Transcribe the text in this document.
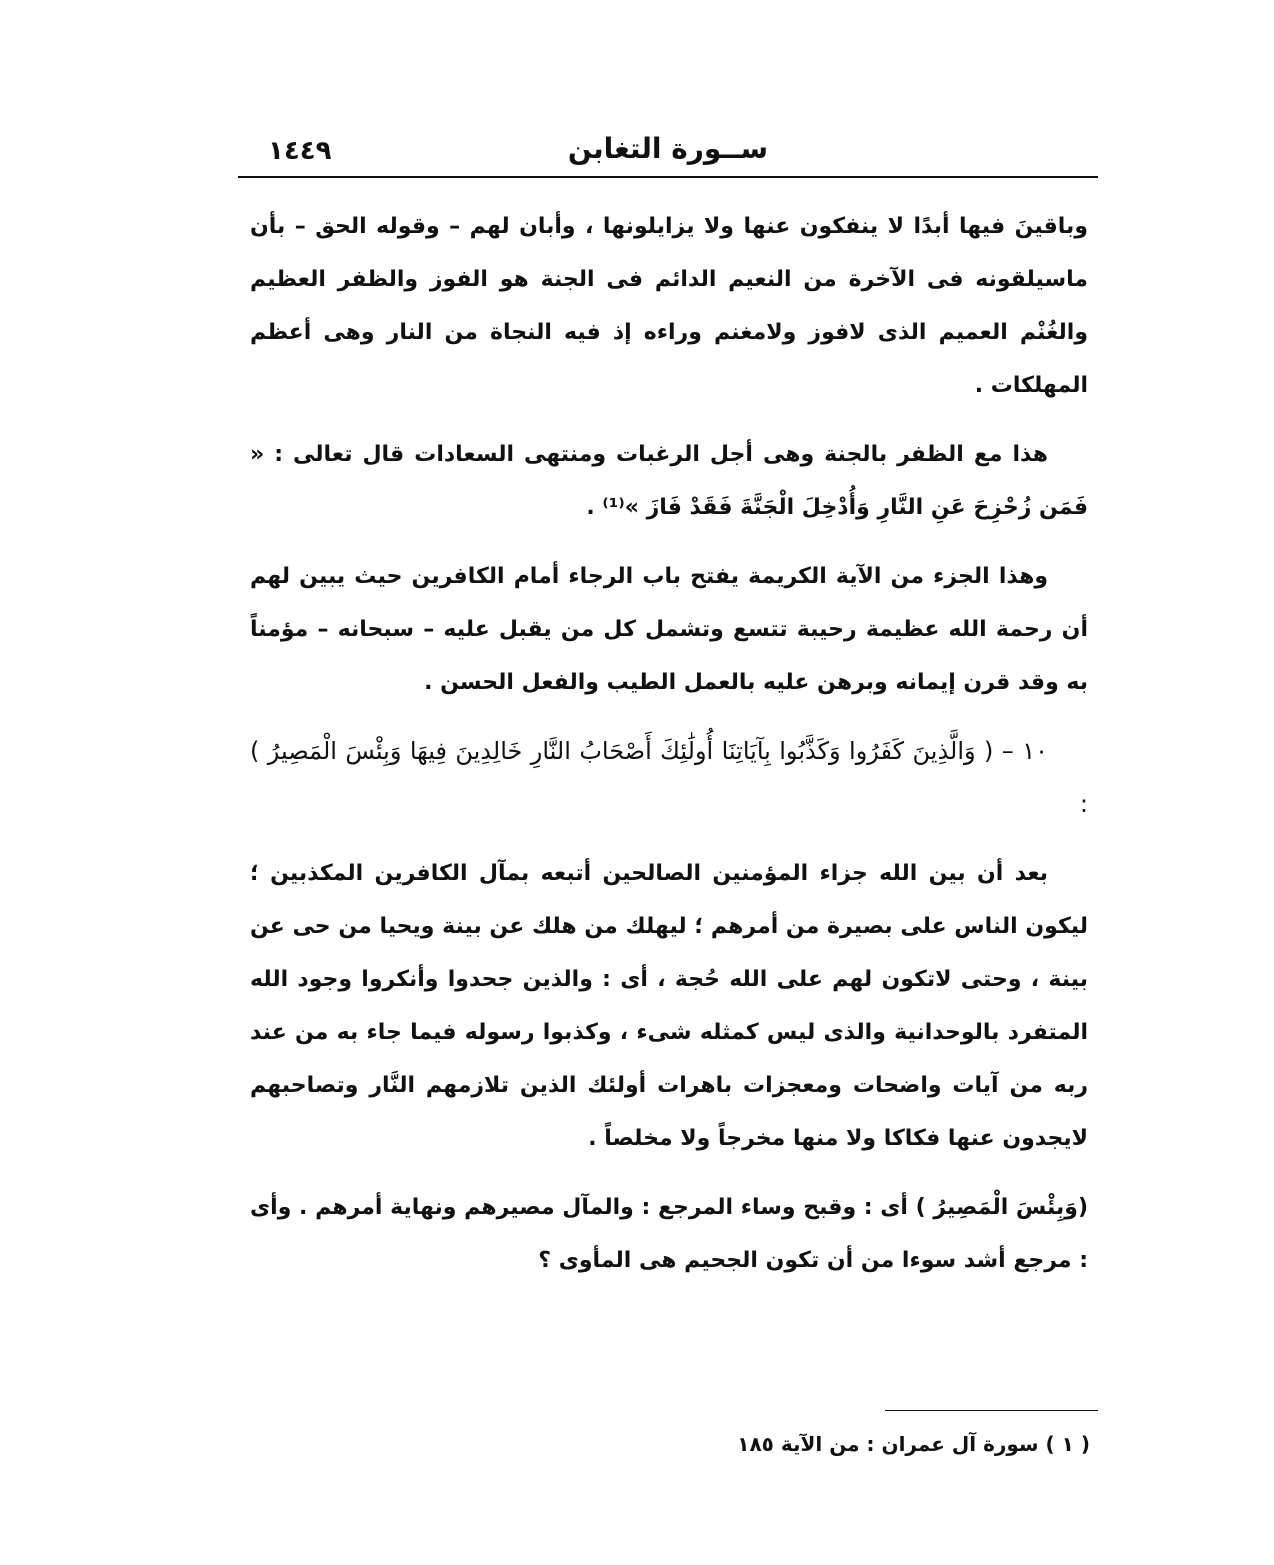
١٤٤٩	ســورة التغابن

وباقينَ فيها أبدًا لا ينفكون عنها ولا يزايلونها ، وأبان لهم – وقوله الحق – بأن ماسيلقونه فى الآخرة من النعيم الدائم فى الجنة هو الفوز والظفر العظيم والغُنْم العميم الذى لافوز ولامغنم وراءه إذ فيه النجاة من النار وهى أعظم المهلكات .

هذا مع الظفر بالجنة وهى أجل الرغبات ومنتهى السعادات قال تعالى : « فَمَن زُحْزِحَ عَنِ النَّارِ وَأُدْخِلَ الْجَنَّةَ فَقَدْ فَازَ »⁽¹⁾ .

وهذا الجزء من الآية الكريمة يفتح باب الرجاء أمام الكافرين حيث يبين لهم أن رحمة الله عظيمة رحيبة تتسع وتشمل كل من يقبل عليه – سبحانه – مؤمناً به وقد قرن إيمانه وبرهن عليه بالعمل الطيب والفعل الحسن .

١٠ – ( وَالَّذِينَ كَفَرُوا وَكَذَّبُوا بِآيَاتِنَا أُولَٰئِكَ أَصْحَابُ النَّارِ خَالِدِينَ فِيهَا وَبِئْسَ الْمَصِيرُ ) :

بعد أن بين الله جزاء المؤمنين الصالحين أتبعه بمآل الكافرين المكذبين ؛ ليكون الناس على بصيرة من أمرهم ؛ ليهلك من هلك عن بينة ويحيا من حى عن بينة ، وحتى لاتكون لهم على الله حُجة ، أى : والذين جحدوا وأنكروا وجود الله المتفرد بالوحدانية والذى ليس كمثله شىء ، وكذبوا رسوله فيما جاء به من عند ربه من آيات واضحات ومعجزات باهرات أولئك الذين تلازمهم النَّار وتصاحبهم لايجدون عنها فكاكا ولا منها مخرجاً ولا مخلصاً .

(وَبِئْسَ الْمَصِيرُ ) أى : وقبح وساء المرجع : والمآل مصيرهم ونهاية أمرهم . وأى : مرجع أشد سوءا من أن تكون الجحيم هى المأوى ؟

( ١ ) سورة آل عمران : من الآية ١٨٥
